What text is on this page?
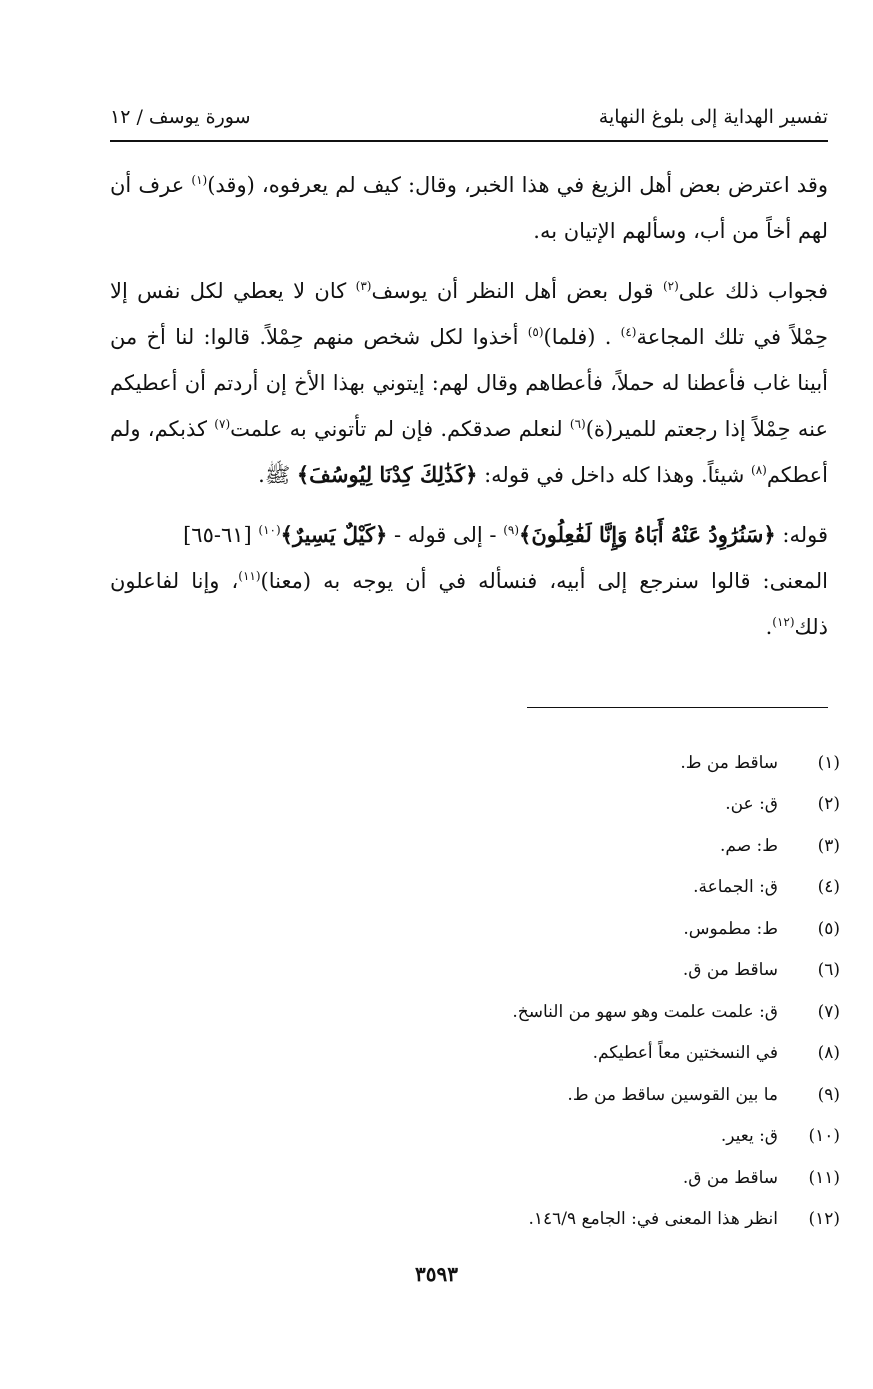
تفسير الهداية إلى بلوغ النهاية
سورة يوسف / ١٢

وقد اعترض بعض أهل الزيغ في هذا الخبر، وقال: كيف لم يعرفوه، (وقد)$^{(١)}$ عرف أن لهم أخاً من أب، وسألهم الإتيان به.

فجواب ذلك على$^{(٢)}$ قول بعض أهل النظر أن يوسف$^{(٣)}$ كان لا يعطي لكل نفس إلا حِمْلاً في تلك المجاعة$^{(٤)}$ . (فلما)$^{(٥)}$ أخذوا لكل شخص منهم حِمْلاً. قالوا: لنا أخ من أبينا غاب فأعطنا له حملاً، فأعطاهم وقال لهم: إيتوني بهذا الأخ إن أردتم أن أعطيكم عنه حِمْلاً إذا رجعتم للمير(ة)$^{(٦)}$ لنعلم صدقكم. فإن لم تأتوني به علمت$^{(٧)}$ كذبكم، ولم أعطكم$^{(٨)}$ شيئاً. وهذا كله داخل في قوله: ﴿كَذَٰلِكَ كِدْنَا لِيُوسُفَ﴾ ﷺ.

قوله: ﴿سَنُرَٰوِدُ عَنْهُ أَبَاهُ وَإِنَّا لَفَٰعِلُونَ﴾$^{(٩)}$ - إلى قوله - ﴿كَيْلٌ يَسِيرٌ﴾$^{(١٠)}$ [٦١-٦٥]

المعنى: قالوا سنرجع إلى أبيه، فنسأله في أن يوجه به (معنا)$^{(١١)}$، وإنا لفاعلون ذلك$^{(١٢)}$.

(١)
ساقط من ط.
(٢)
ق: عن.
(٣)
ط: صم.
(٤)
ق: الجماعة.
(٥)
ط: مطموس.
(٦)
ساقط من ق.
(٧)
ق: علمت علمت وهو سهو من الناسخ.
(٨)
في النسختين معاً أعطيكم.
(٩)
ما بين القوسين ساقط من ط.
(١٠)
ق: يعير.
(١١)
ساقط من ق.
(١٢)
انظر هذا المعنى في: الجامع ١٤٦/٩.
٣٥٩٣
